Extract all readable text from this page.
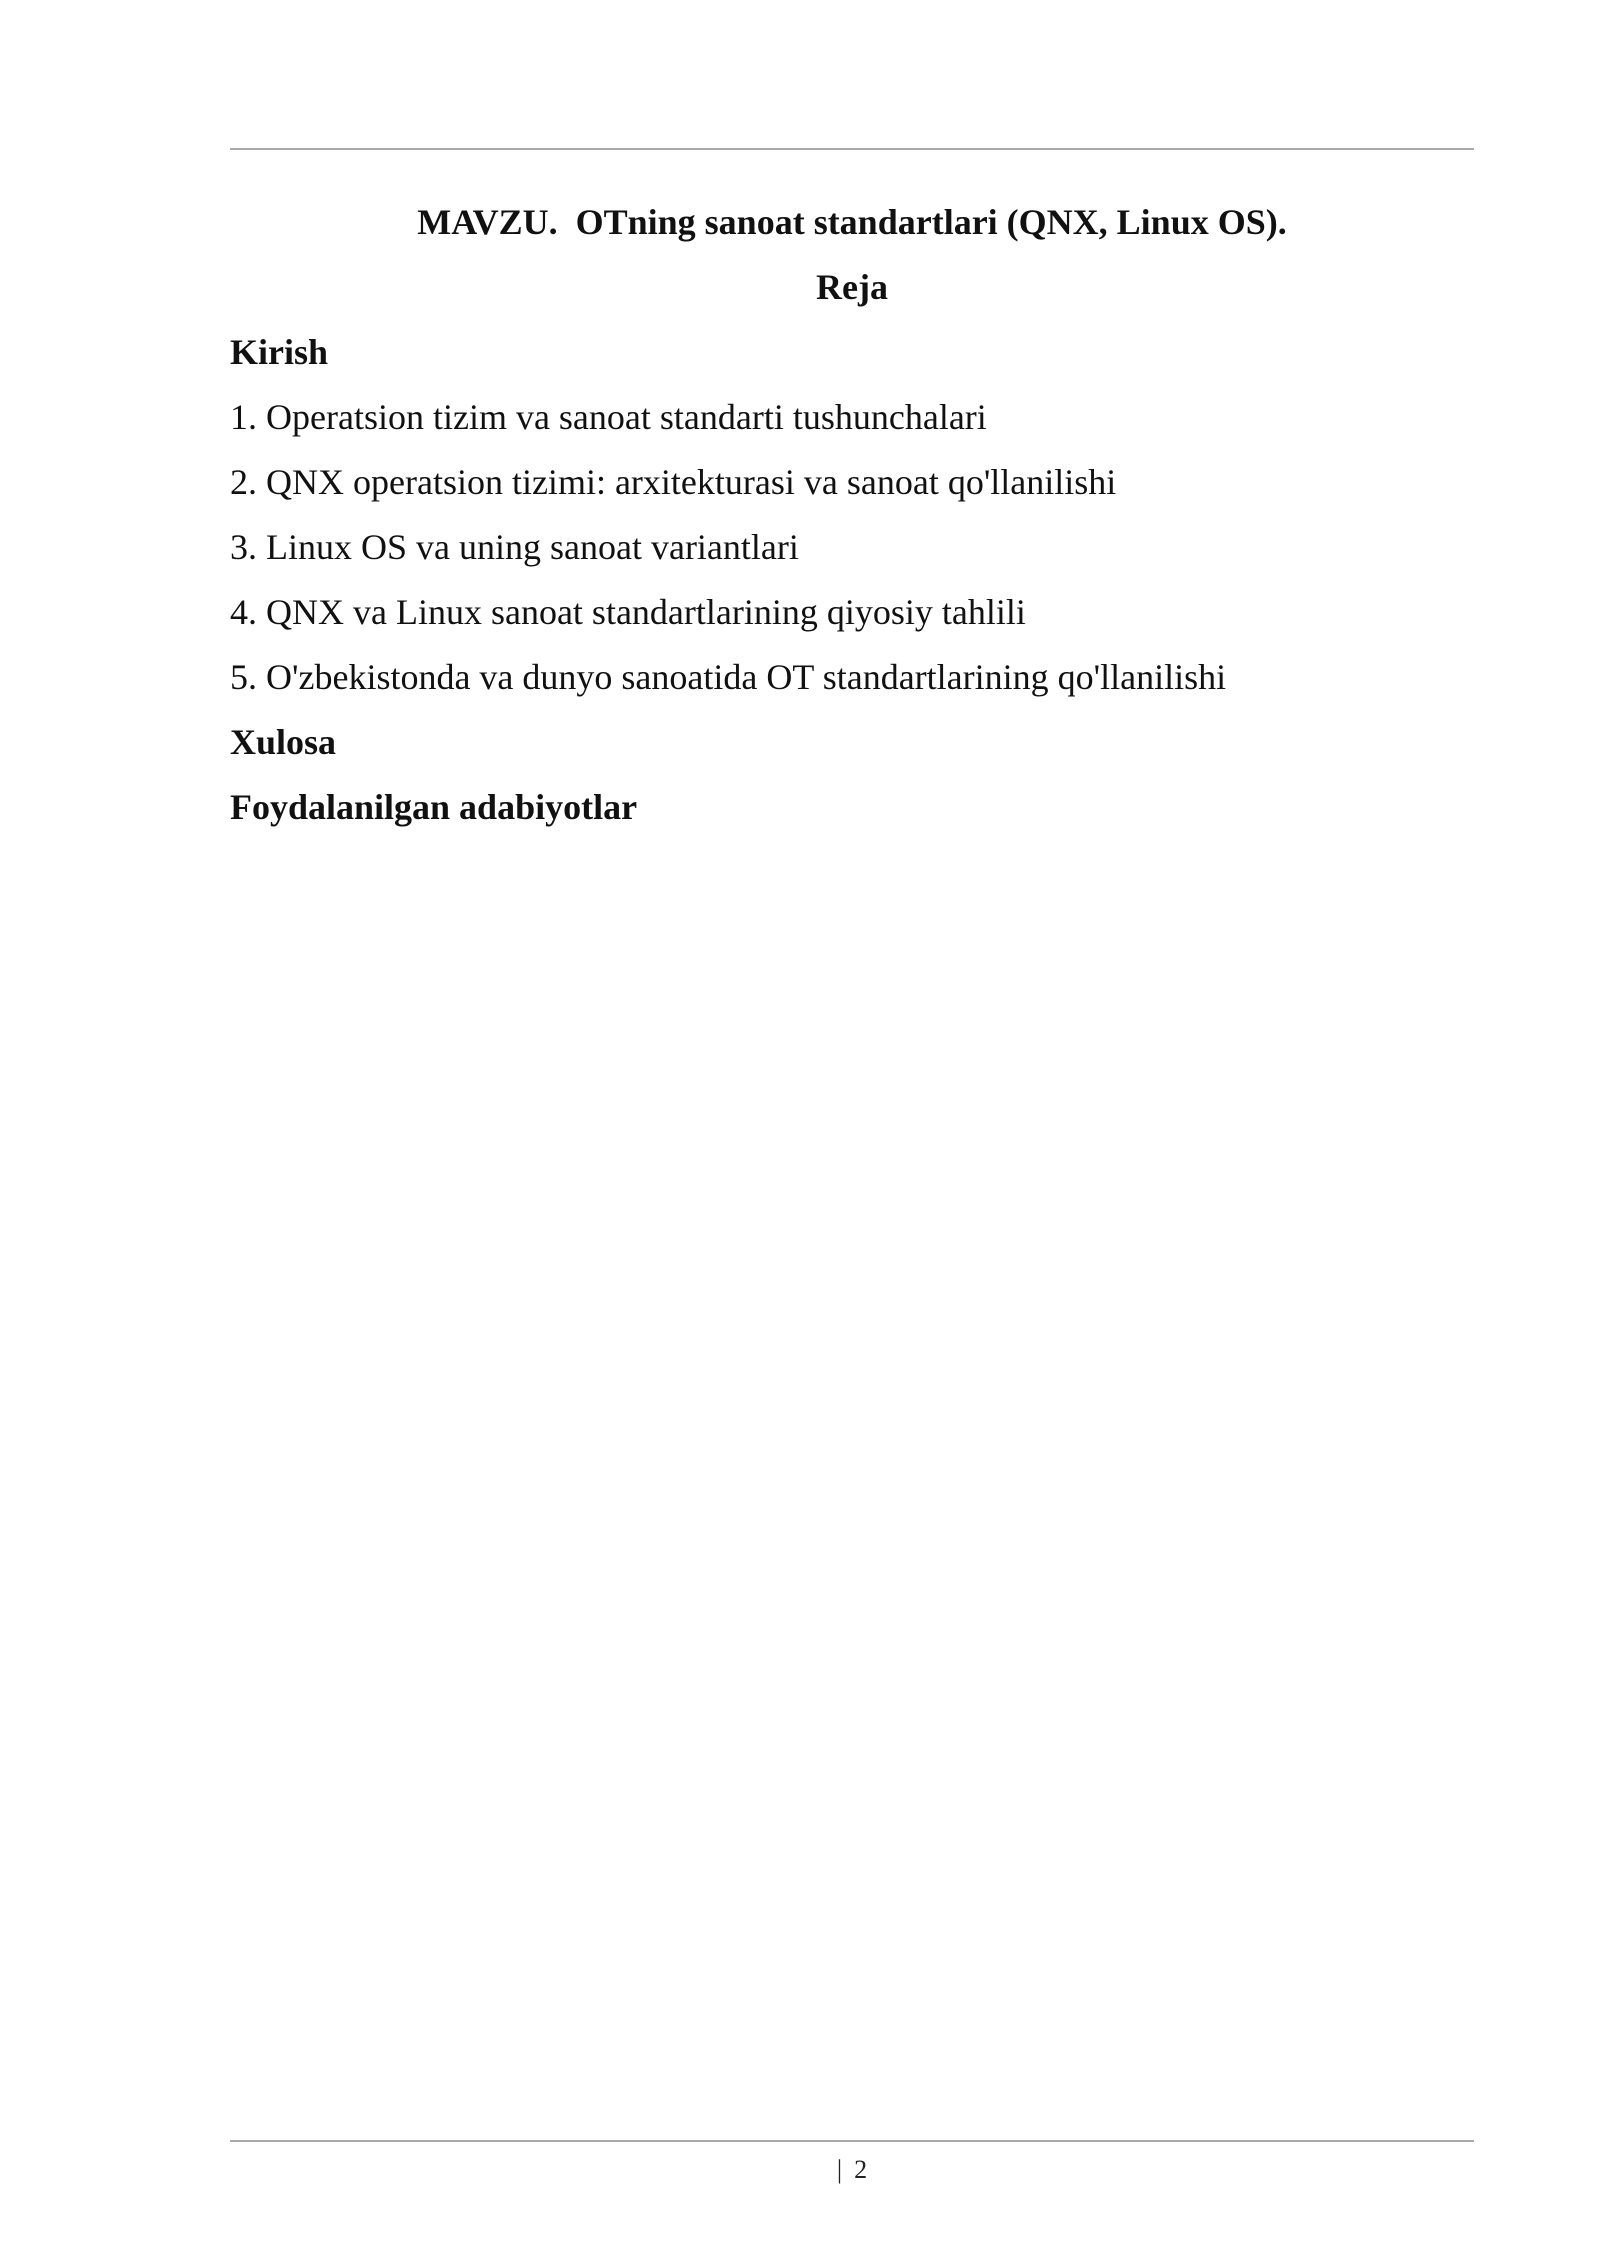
MAVZU.  OTning sanoat standartlari (QNX, Linux OS).

Reja

Kirish

1. Operatsion tizim va sanoat standarti tushunchalari
2. QNX operatsion tizimi: arxitekturasi va sanoat qo'llanilishi
3. Linux OS va uning sanoat variantlari
4. QNX va Linux sanoat standartlarining qiyosiy tahlili
5. O'zbekistonda va dunyo sanoatida OT standartlarining qo'llanilishi

Xulosa

Foydalanilgan adabiyotlar

| 2
